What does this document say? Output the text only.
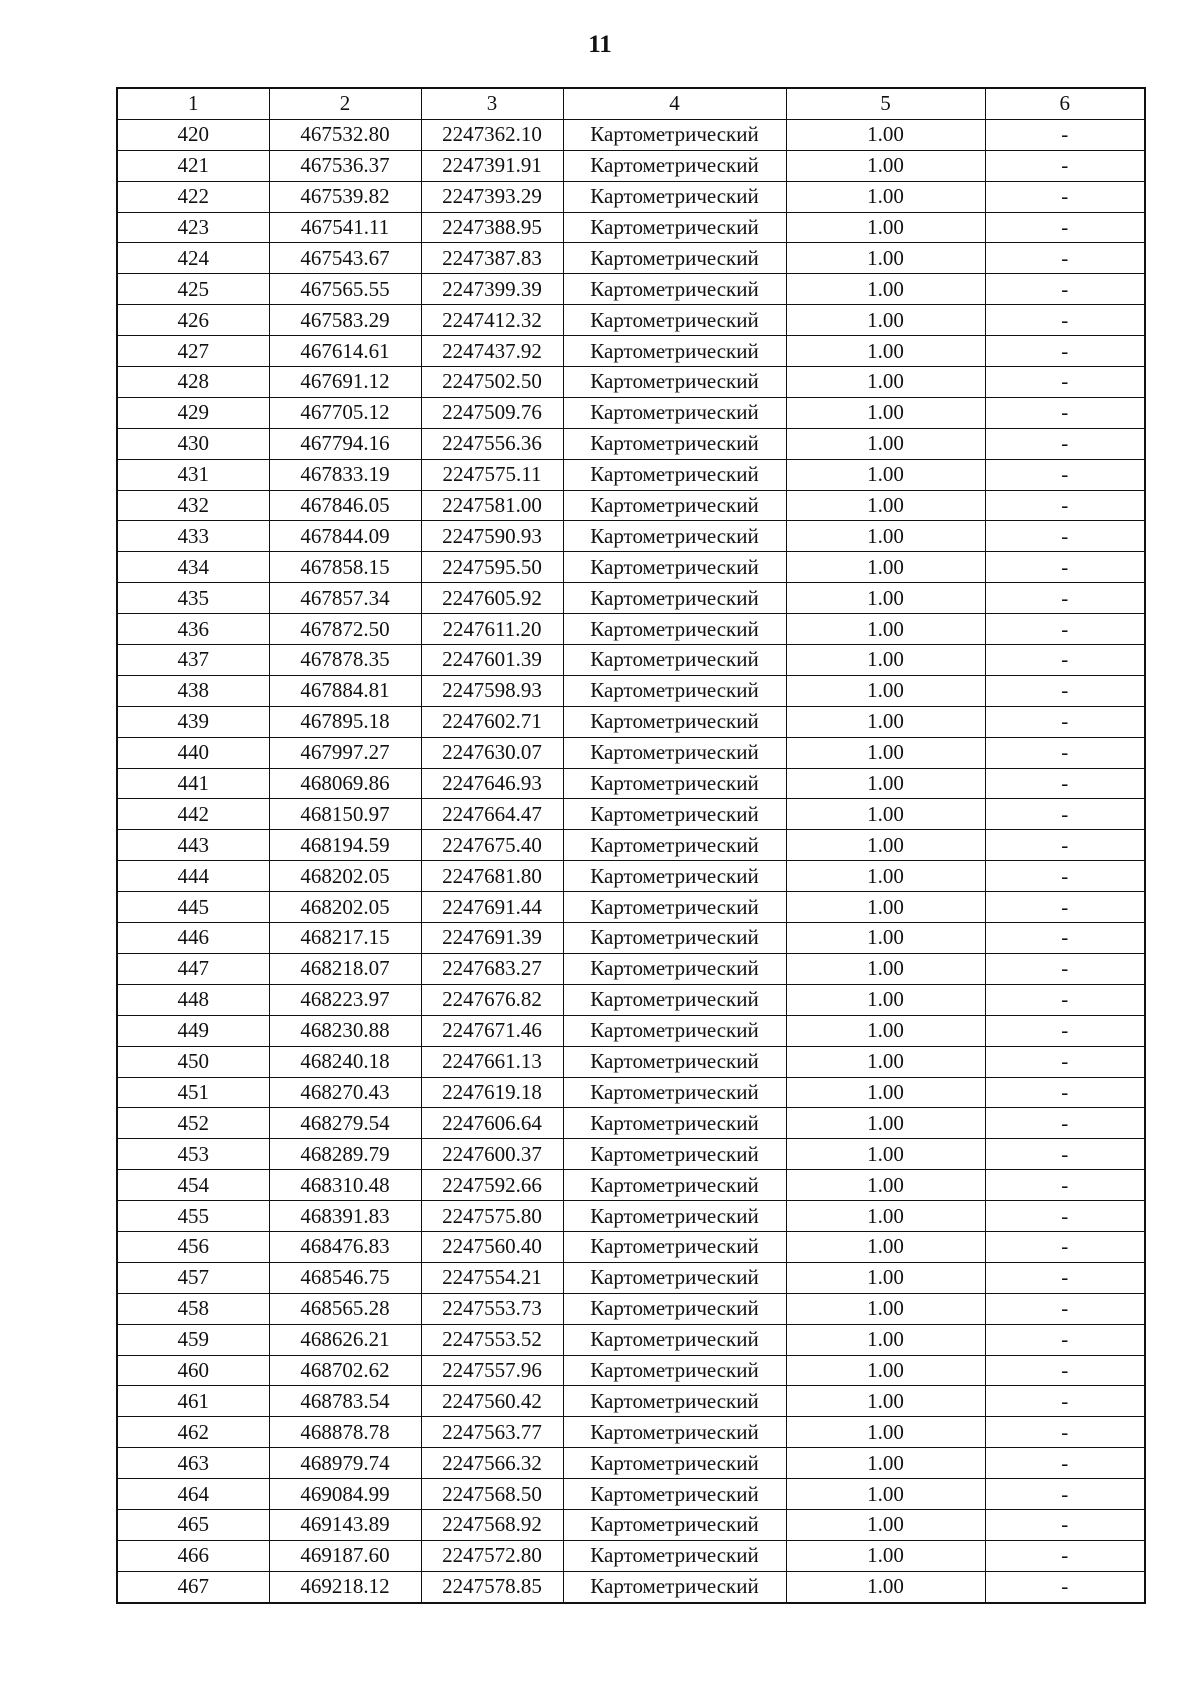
11
1	2	3	4	5	6
420	467532.80	2247362.10	Картометрический	1.00	-
421	467536.37	2247391.91	Картометрический	1.00	-
422	467539.82	2247393.29	Картометрический	1.00	-
423	467541.11	2247388.95	Картометрический	1.00	-
424	467543.67	2247387.83	Картометрический	1.00	-
425	467565.55	2247399.39	Картометрический	1.00	-
426	467583.29	2247412.32	Картометрический	1.00	-
427	467614.61	2247437.92	Картометрический	1.00	-
428	467691.12	2247502.50	Картометрический	1.00	-
429	467705.12	2247509.76	Картометрический	1.00	-
430	467794.16	2247556.36	Картометрический	1.00	-
431	467833.19	2247575.11	Картометрический	1.00	-
432	467846.05	2247581.00	Картометрический	1.00	-
433	467844.09	2247590.93	Картометрический	1.00	-
434	467858.15	2247595.50	Картометрический	1.00	-
435	467857.34	2247605.92	Картометрический	1.00	-
436	467872.50	2247611.20	Картометрический	1.00	-
437	467878.35	2247601.39	Картометрический	1.00	-
438	467884.81	2247598.93	Картометрический	1.00	-
439	467895.18	2247602.71	Картометрический	1.00	-
440	467997.27	2247630.07	Картометрический	1.00	-
441	468069.86	2247646.93	Картометрический	1.00	-
442	468150.97	2247664.47	Картометрический	1.00	-
443	468194.59	2247675.40	Картометрический	1.00	-
444	468202.05	2247681.80	Картометрический	1.00	-
445	468202.05	2247691.44	Картометрический	1.00	-
446	468217.15	2247691.39	Картометрический	1.00	-
447	468218.07	2247683.27	Картометрический	1.00	-
448	468223.97	2247676.82	Картометрический	1.00	-
449	468230.88	2247671.46	Картометрический	1.00	-
450	468240.18	2247661.13	Картометрический	1.00	-
451	468270.43	2247619.18	Картометрический	1.00	-
452	468279.54	2247606.64	Картометрический	1.00	-
453	468289.79	2247600.37	Картометрический	1.00	-
454	468310.48	2247592.66	Картометрический	1.00	-
455	468391.83	2247575.80	Картометрический	1.00	-
456	468476.83	2247560.40	Картометрический	1.00	-
457	468546.75	2247554.21	Картометрический	1.00	-
458	468565.28	2247553.73	Картометрический	1.00	-
459	468626.21	2247553.52	Картометрический	1.00	-
460	468702.62	2247557.96	Картометрический	1.00	-
461	468783.54	2247560.42	Картометрический	1.00	-
462	468878.78	2247563.77	Картометрический	1.00	-
463	468979.74	2247566.32	Картометрический	1.00	-
464	469084.99	2247568.50	Картометрический	1.00	-
465	469143.89	2247568.92	Картометрический	1.00	-
466	469187.60	2247572.80	Картометрический	1.00	-
467	469218.12	2247578.85	Картометрический	1.00	-
